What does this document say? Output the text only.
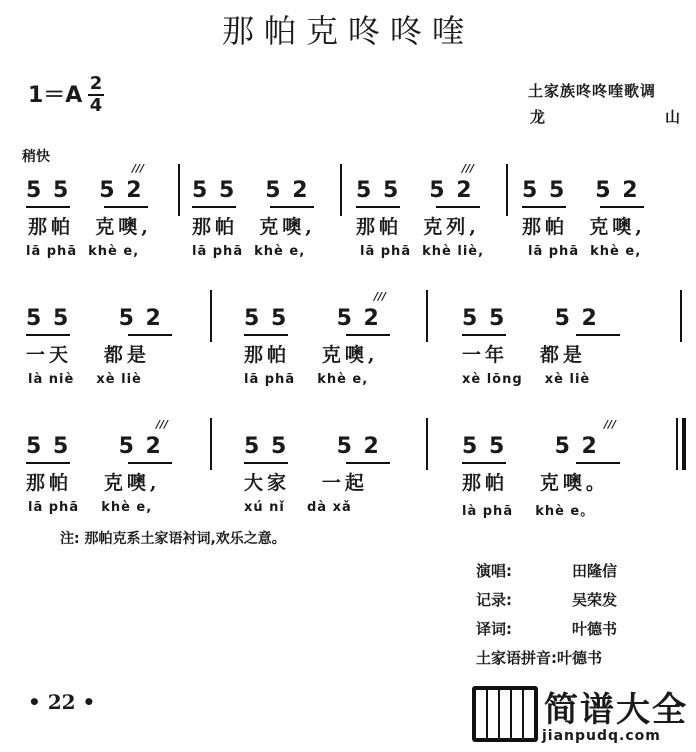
那帕克咚咚喹
$1=A \frac{2}{4}$	土家族咚咚喹歌调
龙	山
稍快
5 5   5 2
那帕  克噢,
lā phā  khè e,
5 5   5 2
那帕  克噢,
lā phā  khè e,
5 5   5 2
那帕  克列,
lā phā  khè liè,
5 5   5 2
那帕  克噢,
lā phā  khè e,
///	///
5 5     5 2
一天   都是
là niè    xè liè
5 5     5 2
那帕   克噢,
lā phā    khè e,
5 5     5 2
一年   都是
xè lōng    xè liè
///
5 5     5 2
那帕   克噢,
lā phā    khè e,
5 5     5 2
大家   一起
xú nǐ    dà xǎ
5 5     5 2
那帕   克噢。
là phā    khè e。
///	///
注: 那帕克系土家语衬词,欢乐之意。
演唱:	田隆信
记录:	吴荣发
译词:	叶德书
土家语拼音: 叶德书
• 22 •	简谱大全
jianpudq.com
